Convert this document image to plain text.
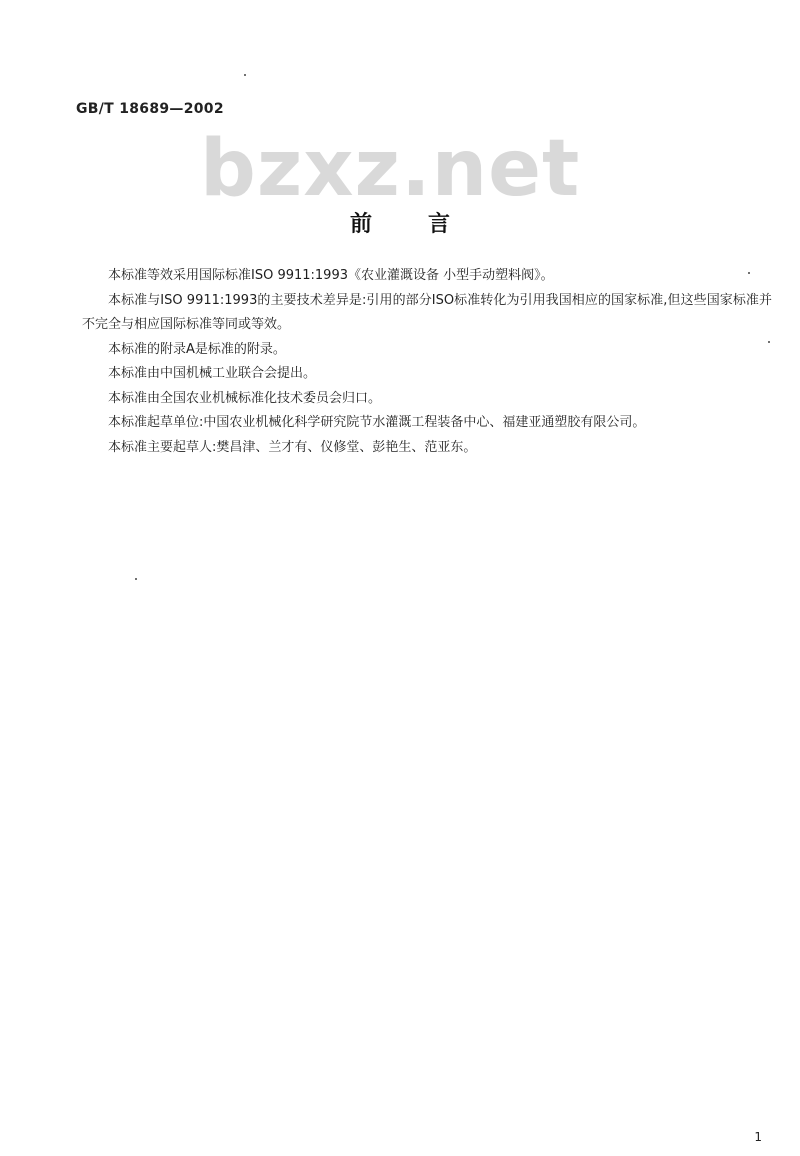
GB/T 18689—2002
bzxz.net
前言

本标准等效采用国际标准ISO 9911:1993《农业灌溉设备 小型手动塑料阀》。

本标准与ISO 9911:1993的主要技术差异是:引用的部分ISO标准转化为引用我国相应的国家标准,但这些国家标准并不完全与相应国际标准等同或等效。

本标准的附录A是标准的附录。

本标准由中国机械工业联合会提出。

本标准由全国农业机械标准化技术委员会归口。

本标准起草单位:中国农业机械化科学研究院节水灌溉工程装备中心、福建亚通塑胶有限公司。

本标准主要起草人:樊昌津、兰才有、仪修堂、彭艳生、范亚东。

1
